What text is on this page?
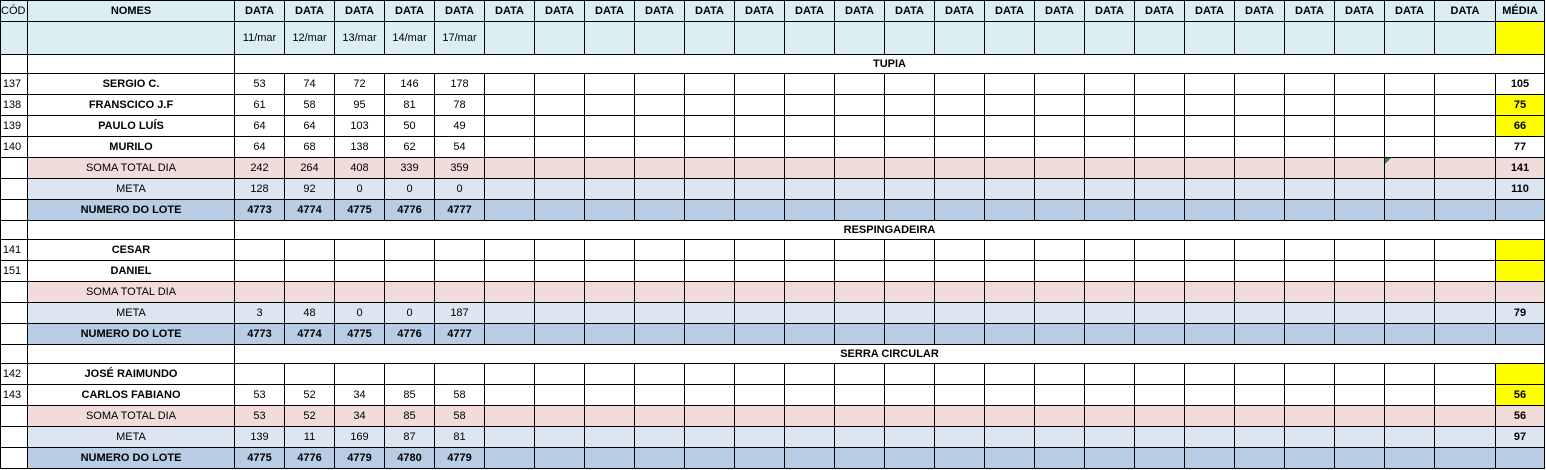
CÓD	NOMES	DATA	DATA	DATA	DATA	DATA	DATA	DATA	DATA	DATA	DATA	DATA	DATA	DATA	DATA	DATA	DATA	DATA	DATA	DATA	DATA	DATA	DATA	DATA	DATA	DATA	MÉDIA
		11/mar	12/mar	13/mar	14/mar	17/mar																					
		TUPIA																									
137	SERGIO C.	53	74	72	146	178																					105
138	FRANSCICO J.F	61	58	95	81	78																					75
139	PAULO LUÍS	64	64	103	50	49																					66
140	MURILO	64	68	138	62	54																					77
	SOMA TOTAL DIA	242	264	408	339	359																					141
	META	128	92	0	0	0																					110
	NUMERO DO LOTE	4773	4774	4775	4776	4777																					
		RESPINGADEIRA																									
141	CESAR																										
151	DANIEL																										
	SOMA TOTAL DIA																										
	META	3	48	0	0	187																					79
	NUMERO DO LOTE	4773	4774	4775	4776	4777																					
		SERRA CIRCULAR																									
142	JOSÉ RAIMUNDO																										
143	CARLOS FABIANO	53	52	34	85	58																					56
	SOMA TOTAL DIA	53	52	34	85	58																					56
	META	139	11	169	87	81																					97
	NUMERO DO LOTE	4775	4776	4779	4780	4779																					
